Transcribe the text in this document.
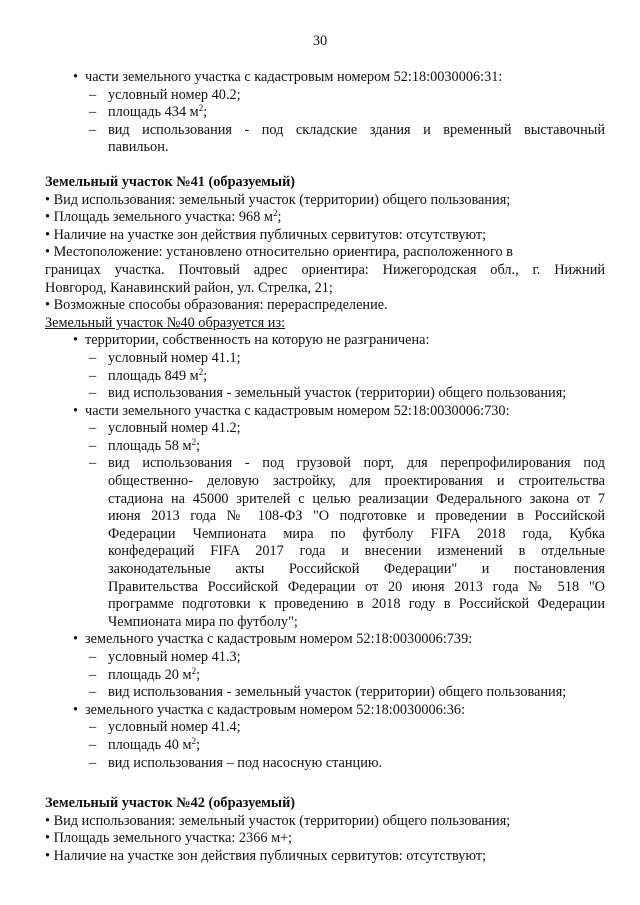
30
• части земельного участка с кадастровым номером 52:18:0030006:31:
– условный номер 40.2;
– площадь 434 $м^2$;
– вид использования - под складские здания и временный выставочный
павильон.
Земельный участок №41 (образуемый)
• Вид использования: земельный участок (территории) общего пользования;
• Площадь земельного участка: 968 $м^2$;
• Наличие на участке зон действия публичных сервитутов: отсутствуют;
• Местоположение: установлено относительно ориентира, расположенного в
границах участка. Почтовый адрес ориентира: Нижегородская обл., г. Нижний
Новгород, Канавинский район, ул. Стрелка, 21;
• Возможные способы образования: перераспределение.
Земельный участок №40 образуется из:
• территории, собственность на которую не разграничена:
– условный номер 41.1;
– площадь 849 $м^2$;
– вид использования - земельный участок (территории) общего пользования;
• части земельного участка с кадастровым номером 52:18:0030006:730:
– условный номер 41.2;
– площадь 58 $м^2$;
– вид использования - под грузовой порт, для перепрофилирования под
общественно- деловую застройку, для проектирования и строительства
стадиона на 45000 зрителей с целью реализации Федерального закона от 7
июня 2013 года № 108-ФЗ "О подготовке и проведении в Российской
Федерации Чемпионата мира по футболу FIFA 2018 года, Кубка
конфедераций FIFA 2017 года и внесении изменений в отдельные
законодательные акты Российской Федерации" и постановления
Правительства Российской Федерации от 20 июня 2013 года № 518 "О
программе подготовки к проведению в 2018 году в Российской Федерации
Чемпионата мира по футболу";
• земельного участка с кадастровым номером 52:18:0030006:739:
– условный номер 41.3;
– площадь 20 $м^2$;
– вид использования - земельный участок (территории) общего пользования;
• земельного участка с кадастровым номером 52:18:0030006:36:
– условный номер 41.4;
– площадь 40 $м^2$;
– вид использования – под насосную станцию.
Земельный участок №42 (образуемый)
• Вид использования: земельный участок (территории) общего пользования;
• Площадь земельного участка: 2366 м+;
• Наличие на участке зон действия публичных сервитутов: отсутствуют;
